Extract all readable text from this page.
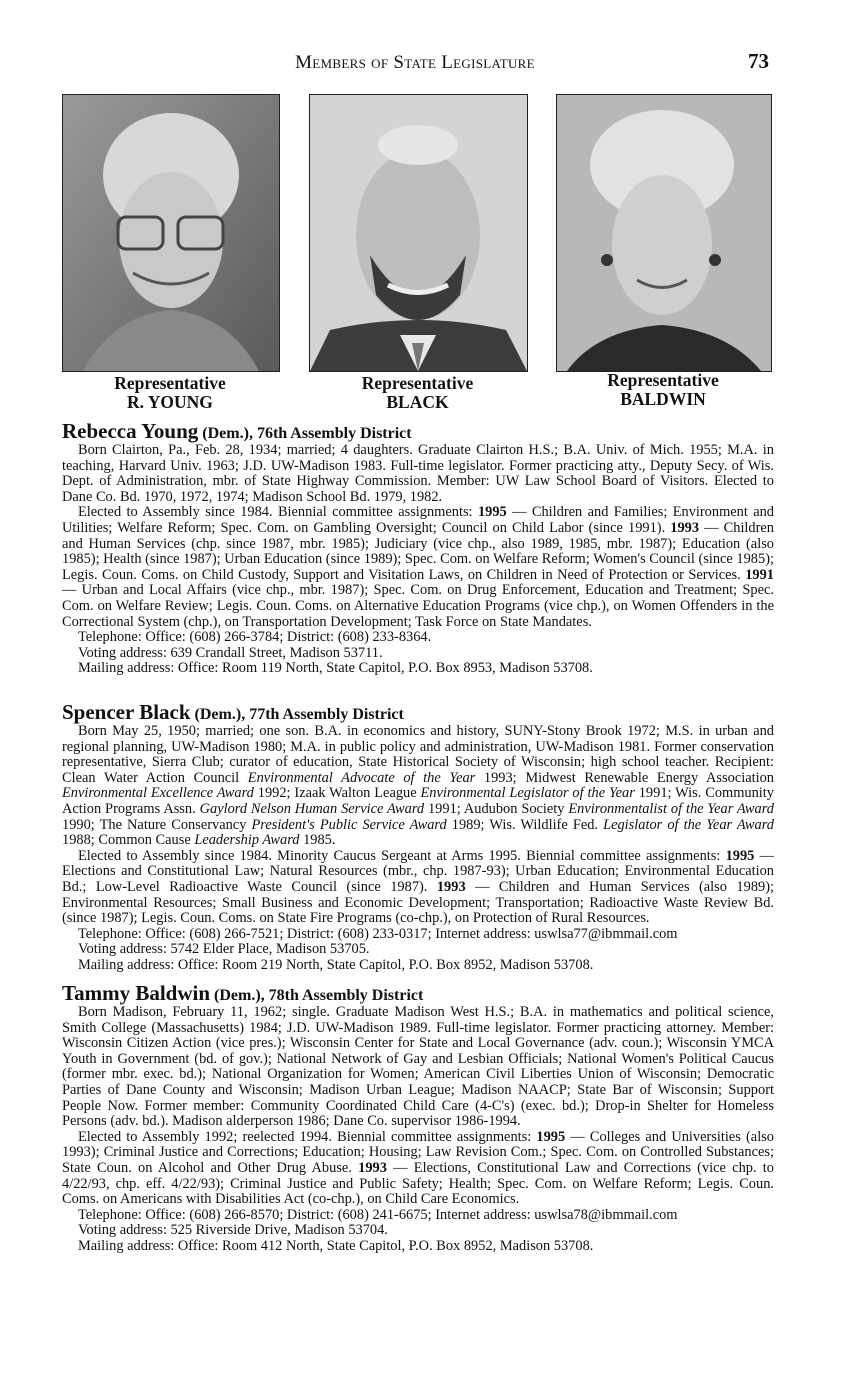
Members of State Legislature	73
Representative
R. YOUNG
Representative
BLACK
Representative
BALDWIN
Rebecca Young (Dem.), 76th Assembly District

Born Clairton, Pa., Feb. 28, 1934; married; 4 daughters. Graduate Clairton H.S.; B.A. Univ. of Mich. 1955; M.A. in teaching, Harvard Univ. 1963; J.D. UW-Madison 1983. Full-time legislator. Former practicing atty., Deputy Secy. of Wis. Dept. of Administration, mbr. of State Highway Commission. Member: UW Law School Board of Visitors. Elected to Dane Co. Bd. 1970, 1972, 1974; Madison School Bd. 1979, 1982.

Elected to Assembly since 1984. Biennial committee assignments: 1995 — Children and Families; Environment and Utilities; Welfare Reform; Spec. Com. on Gambling Oversight; Council on Child Labor (since 1991). 1993 — Children and Human Services (chp. since 1987, mbr. 1985); Judiciary (vice chp., also 1989, 1985, mbr. 1987); Education (also 1985); Health (since 1987); Urban Education (since 1989); Spec. Com. on Welfare Reform; Women's Council (since 1985); Legis. Coun. Coms. on Child Custody, Support and Visitation Laws, on Children in Need of Protection or Services. 1991 — Urban and Local Affairs (vice chp., mbr. 1987); Spec. Com. on Drug Enforcement, Education and Treatment; Spec. Com. on Welfare Review; Legis. Coun. Coms. on Alternative Education Programs (vice chp.), on Women Offenders in the Correctional System (chp.), on Transportation Development; Task Force on State Mandates.

Telephone: Office: (608) 266-3784; District: (608) 233-8364.

Voting address: 639 Crandall Street, Madison 53711.

Mailing address: Office: Room 119 North, State Capitol, P.O. Box 8953, Madison 53708.

Spencer Black (Dem.), 77th Assembly District

Born May 25, 1950; married; one son. B.A. in economics and history, SUNY-Stony Brook 1972; M.S. in urban and regional planning, UW-Madison 1980; M.A. in public policy and administration, UW-Madison 1981. Former conservation representative, Sierra Club; curator of education, State Historical Society of Wisconsin; high school teacher. Recipient: Clean Water Action Council Environmental Advocate of the Year 1993; Midwest Renewable Energy Association Environmental Excellence Award 1992; Izaak Walton League Environmental Legislator of the Year 1991; Wis. Community Action Programs Assn. Gaylord Nelson Human Service Award 1991; Audubon Society Environmentalist of the Year Award 1990; The Nature Conservancy President's Public Service Award 1989; Wis. Wildlife Fed. Legislator of the Year Award 1988; Common Cause Leadership Award 1985.

Elected to Assembly since 1984. Minority Caucus Sergeant at Arms 1995. Biennial committee assignments: 1995 — Elections and Constitutional Law; Natural Resources (mbr., chp. 1987-93); Urban Education; Environmental Education Bd.; Low-Level Radioactive Waste Council (since 1987). 1993 — Children and Human Services (also 1989); Environmental Resources; Small Business and Economic Development; Transportation; Radioactive Waste Review Bd. (since 1987); Legis. Coun. Coms. on State Fire Programs (co-chp.), on Protection of Rural Resources.

Telephone: Office: (608) 266-7521; District: (608) 233-0317; Internet address: uswlsa77@ibmmail.com

Voting address: 5742 Elder Place, Madison 53705.

Mailing address: Office: Room 219 North, State Capitol, P.O. Box 8952, Madison 53708.

Tammy Baldwin (Dem.), 78th Assembly District

Born Madison, February 11, 1962; single. Graduate Madison West H.S.; B.A. in mathematics and political science, Smith College (Massachusetts) 1984; J.D. UW-Madison 1989. Full-time legislator. Former practicing attorney. Member: Wisconsin Citizen Action (vice pres.); Wisconsin Center for State and Local Governance (adv. coun.); Wisconsin YMCA Youth in Government (bd. of gov.); National Network of Gay and Lesbian Officials; National Women's Political Caucus (former mbr. exec. bd.); National Organization for Women; American Civil Liberties Union of Wisconsin; Democratic Parties of Dane County and Wisconsin; Madison Urban League; Madison NAACP; State Bar of Wisconsin; Support People Now. Former member: Community Coordinated Child Care (4-C's) (exec. bd.); Drop-in Shelter for Homeless Persons (adv. bd.). Madison alderperson 1986; Dane Co. supervisor 1986-1994.

Elected to Assembly 1992; reelected 1994. Biennial committee assignments: 1995 — Colleges and Universities (also 1993); Criminal Justice and Corrections; Education; Housing; Law Revision Com.; Spec. Com. on Controlled Substances; State Coun. on Alcohol and Other Drug Abuse. 1993 — Elections, Constitutional Law and Corrections (vice chp. to 4/22/93, chp. eff. 4/22/93); Criminal Justice and Public Safety; Health; Spec. Com. on Welfare Reform; Legis. Coun. Coms. on Americans with Disabilities Act (co-chp.), on Child Care Economics.

Telephone: Office: (608) 266-8570; District: (608) 241-6675; Internet address: uswlsa78@ibmmail.com

Voting address: 525 Riverside Drive, Madison 53704.

Mailing address: Office: Room 412 North, State Capitol, P.O. Box 8952, Madison 53708.
